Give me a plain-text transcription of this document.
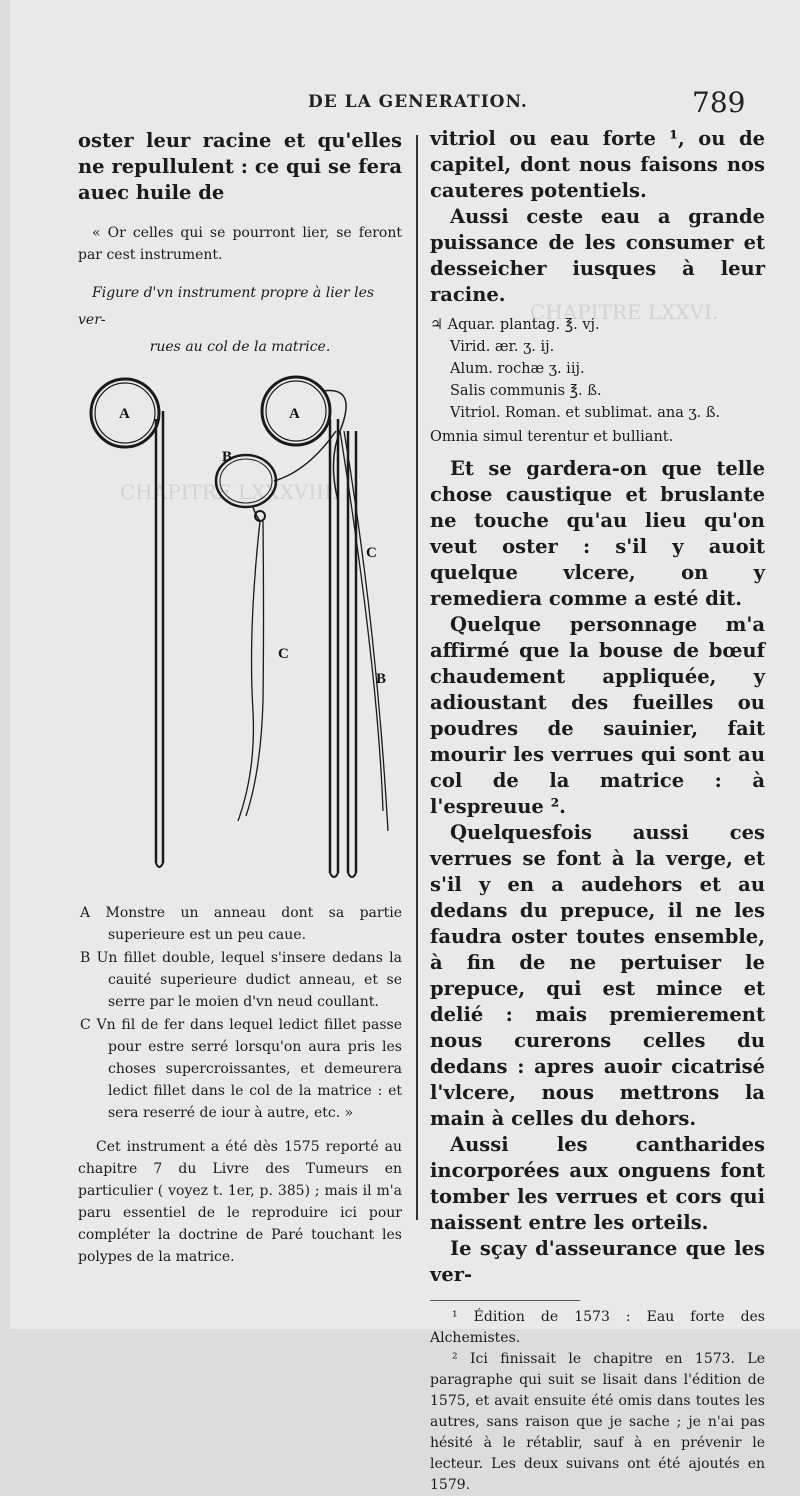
CHAPITRE LXXVI.
CHAPITRE LXXXVIII.
DE LA GENERATION.	789

oster leur racine et qu'elles ne repullulent : ce qui se fera auec huile de

« Or celles qui se pourront lier, se feront par cest instrument.

Figure d'vn instrument propre à lier les ver-
rues au col de la matrice.
A	A
B
C
C
B

A Monstre un anneau dont sa partie superieure est un peu caue.

B Un fillet double, lequel s'insere dedans la cauité superieure dudict anneau, et se serre par le moien d'vn neud coullant.

C Vn fil de fer dans lequel ledict fillet passe pour estre serré lorsqu'on aura pris les choses supercroissantes, et demeurera ledict fillet dans le col de la matrice : et sera reserré de iour à autre, etc. »

Cet instrument a été dès 1575 reporté au chapitre 7 du Livre des Tumeurs en particulier ( voyez t. 1er, p. 385) ; mais il m'a paru essentiel de le reproduire ici pour compléter la doctrine de Paré touchant les polypes de la matrice.

vitriol ou eau forte ¹, ou de capitel, dont nous faisons nos cauteres potentiels.

Aussi ceste eau a grande puissance de les consumer et desseicher iusques à leur racine.

♃ Aquar. plantag. ℥. vj.

Virid. ær. ʒ. ij.

Alum. rochæ ʒ. iij.

Salis communis ℥. ß.

Vitriol. Roman. et sublimat. ana ʒ. ß.

Omnia simul terentur et bulliant.

Et se gardera-on que telle chose caustique et bruslante ne touche qu'au lieu qu'on veut oster : s'il y auoit quelque vlcere, on y remediera comme a esté dit.

Quelque personnage m'a affirmé que la bouse de bœuf chaudement appliquée, y adioustant des fueilles ou poudres de sauinier, fait mourir les verrues qui sont au col de la matrice : à l'espreuue ².

Quelquesfois aussi ces verrues se font à la verge, et s'il y en a audehors et au dedans du prepuce, il ne les faudra oster toutes ensemble, à fin de ne pertuiser le prepuce, qui est mince et delié : mais premierement nous curerons celles du dedans : apres auoir cicatrisé l'vlcere, nous mettrons la main à celles du dehors.

Aussi les cantharides incorporées aux onguens font tomber les verrues et cors qui naissent entre les orteils.

Ie sçay d'asseurance que les ver-

¹ Édition de 1573 : Eau forte des Alchemistes.

² Ici finissait le chapitre en 1573. Le paragraphe qui suit se lisait dans l'édition de 1575, et avait ensuite été omis dans toutes les autres, sans raison que je sache ; je n'ai pas hésité à le rétablir, sauf à en prévenir le lecteur. Les deux suivans ont été ajoutés en 1579.
